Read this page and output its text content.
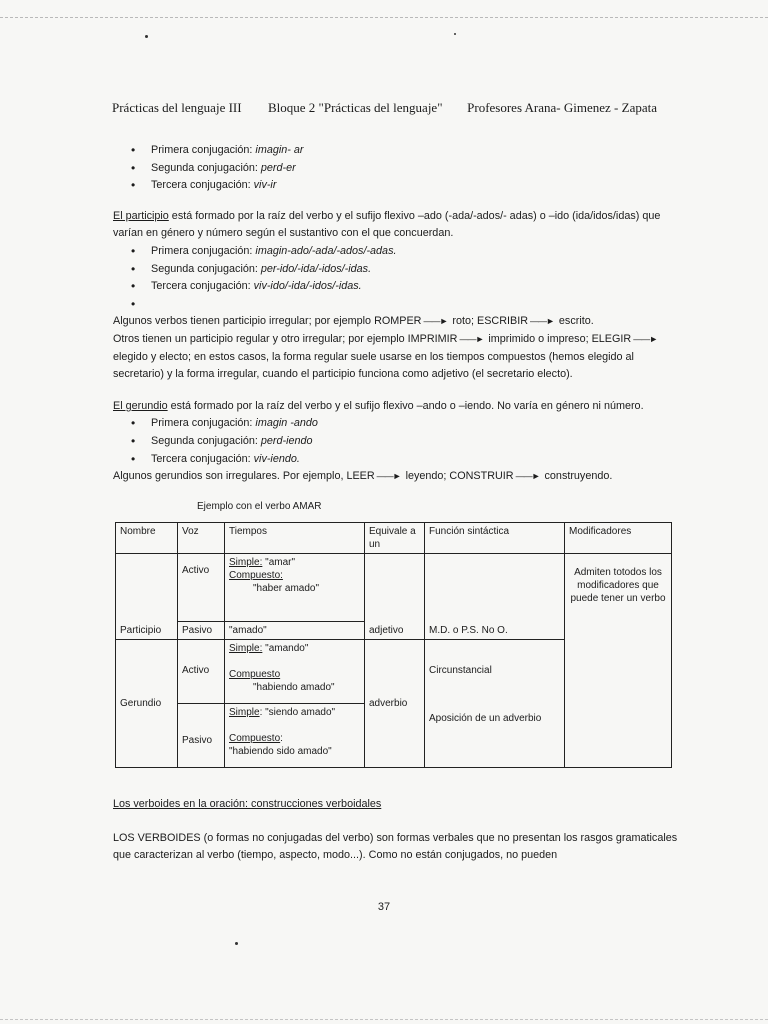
Prácticas del lenguaje III Bloque 2 "Prácticas del lenguaje" Profesores Arana- Gimenez - Zapata
• Primera conjugación: imagin- ar
• Segunda conjugación: perd-er
• Tercera conjugación: viv-ir

El participio está formado por la raíz del verbo y el sufijo flexivo –ado (-ada/-ados/- adas) o –ido (ida/idos/idas) que varían en género y número según el sustantivo con el que concuerdan.

• Primera conjugación: imagin-ado/-ada/-ados/-adas.
• Segunda conjugación: per-ido/-ida/-idos/-idas.
• Tercera conjugación: viv-ido/-ida/-idos/-idas.
•

Algunos verbos tienen participio irregular; por ejemplo ROMPER ——► roto; ESCRIBIR ——► escrito.

Otros tienen un participio regular y otro irregular; por ejemplo IMPRIMIR ——► imprimido o impreso; ELEGIR ——► elegido y electo; en estos casos, la forma regular suele usarse en los tiempos compuestos (hemos elegido al secretario) y la forma irregular, cuando el participio funciona como adjetivo (el secretario electo).

El gerundio está formado por la raíz del verbo y el sufijo flexivo –ando o –iendo. No varía en género ni número.

• Primera conjugación: imagin -ando
• Segunda conjugación: perd-iendo
• Tercera conjugación: viv-iendo.

Algunos gerundios son irregulares. Por ejemplo, LEER ——► leyendo; CONSTRUIR ——► construyendo.

Ejemplo con el verbo AMAR

Nombre	Voz	Tiempos	Equivale a un	Función sintáctica	Modificadores
Participio	Activo	Simple: "amar"
Compuesto:
"haber amado"	adjetivo	M.D. o P.S. No O.	Admiten totodos los modificadores que puede tener un verbo
	Pasivo	"amado"			
Gerundio	Activo	Simple: "amando"
Compuesto
"habiendo amado"	adverbio	Circunstancial	

	Pasivo	Simple: "siendo amado"
Compuesto:
"habiendo sido amado"		Aposición de un adverbio	

Los verboides en la oración: construcciones verboidales

LOS VERBOIDES (o formas no conjugadas del verbo) son formas verbales que no presentan los rasgos gramaticales que caracterizan al verbo (tiempo, aspecto, modo...). Como no están conjugados, no pueden

37
